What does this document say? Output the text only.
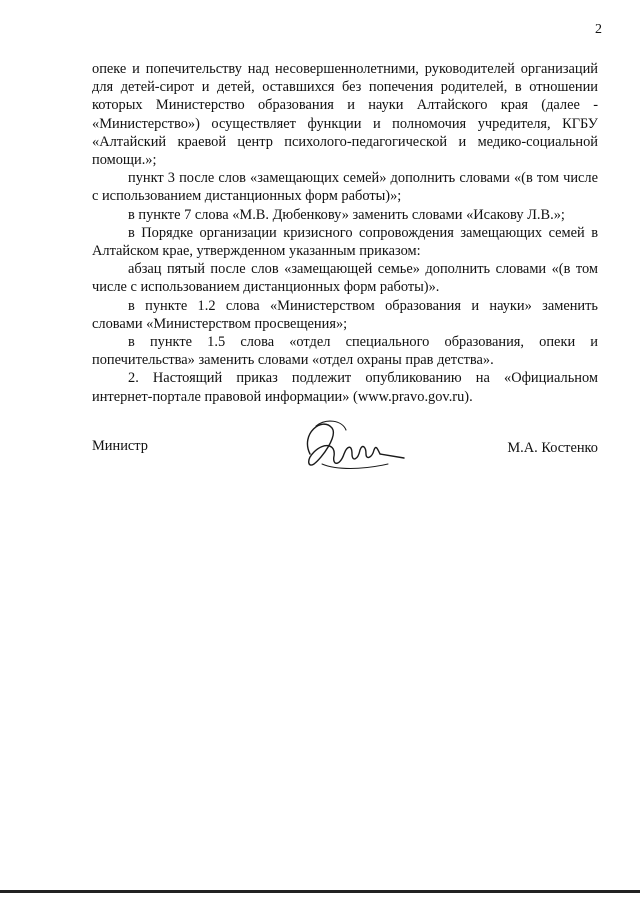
2

опеке и попечительству над несовершеннолетними, руководителей организаций для детей-сирот и детей, оставшихся без попечения родителей, в отношении которых Министерство образования и науки Алтайского края (далее - «Министерство») осуществляет функции и полномочия учредителя, КГБУ «Алтайский краевой центр психолого-педагогической и медико-социальной помощи.»;

пункт 3 после слов «замещающих семей» дополнить словами «(в том числе с использованием дистанционных форм работы)»;

в пункте 7 слова «М.В. Дюбенкову» заменить словами «Исакову Л.В.»;

в Порядке организации кризисного сопровождения замещающих семей в Алтайском крае, утвержденном указанным приказом:

абзац пятый после слов «замещающей семье» дополнить словами «(в том числе с использованием дистанционных форм работы)».

в пункте 1.2 слова «Министерством образования и науки» заменить словами «Министерством просвещения»;

в пункте 1.5 слова «отдел специального образования, опеки и попечительства» заменить словами «отдел охраны прав детства».

2. Настоящий приказ подлежит опубликованию на «Официальном интернет-портале правовой информации» (www.pravo.gov.ru).

Министр	М.А. Костенко
